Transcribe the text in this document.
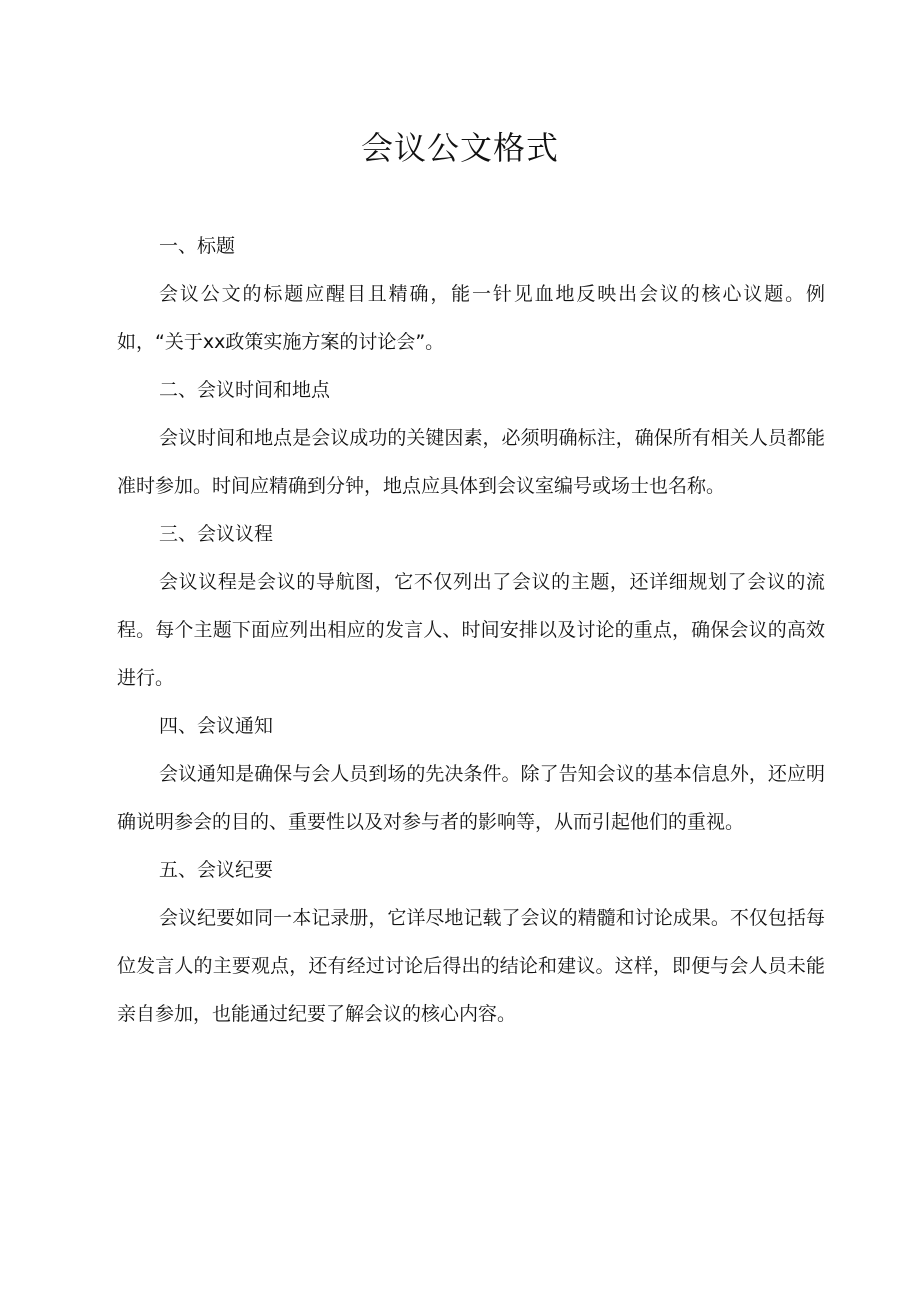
会议公文格式

一、标题

会议公文的标题应醒目且精确，能一针见血地反映出会议的核心议题。例如，“关于xx政策实施方案的讨论会”。

二、会议时间和地点

会议时间和地点是会议成功的关键因素，必须明确标注，确保所有相关人员都能准时参加。时间应精确到分钟，地点应具体到会议室编号或场士也名称。

三、会议议程

会议议程是会议的导航图，它不仅列出了会议的主题，还详细规划了会议的流程。每个主题下面应列出相应的发言人、时间安排以及讨论的重点，确保会议的高效进行。

四、会议通知

会议通知是确保与会人员到场的先决条件。除了告知会议的基本信息外，还应明确说明参会的目的、重要性以及对参与者的影响等，从而引起他们的重视。

五、会议纪要

会议纪要如同一本记录册，它详尽地记载了会议的精髓和讨论成果。不仅包括每位发言人的主要观点，还有经过讨论后得出的结论和建议。这样，即便与会人员未能亲自参加，也能通过纪要了解会议的核心内容。
